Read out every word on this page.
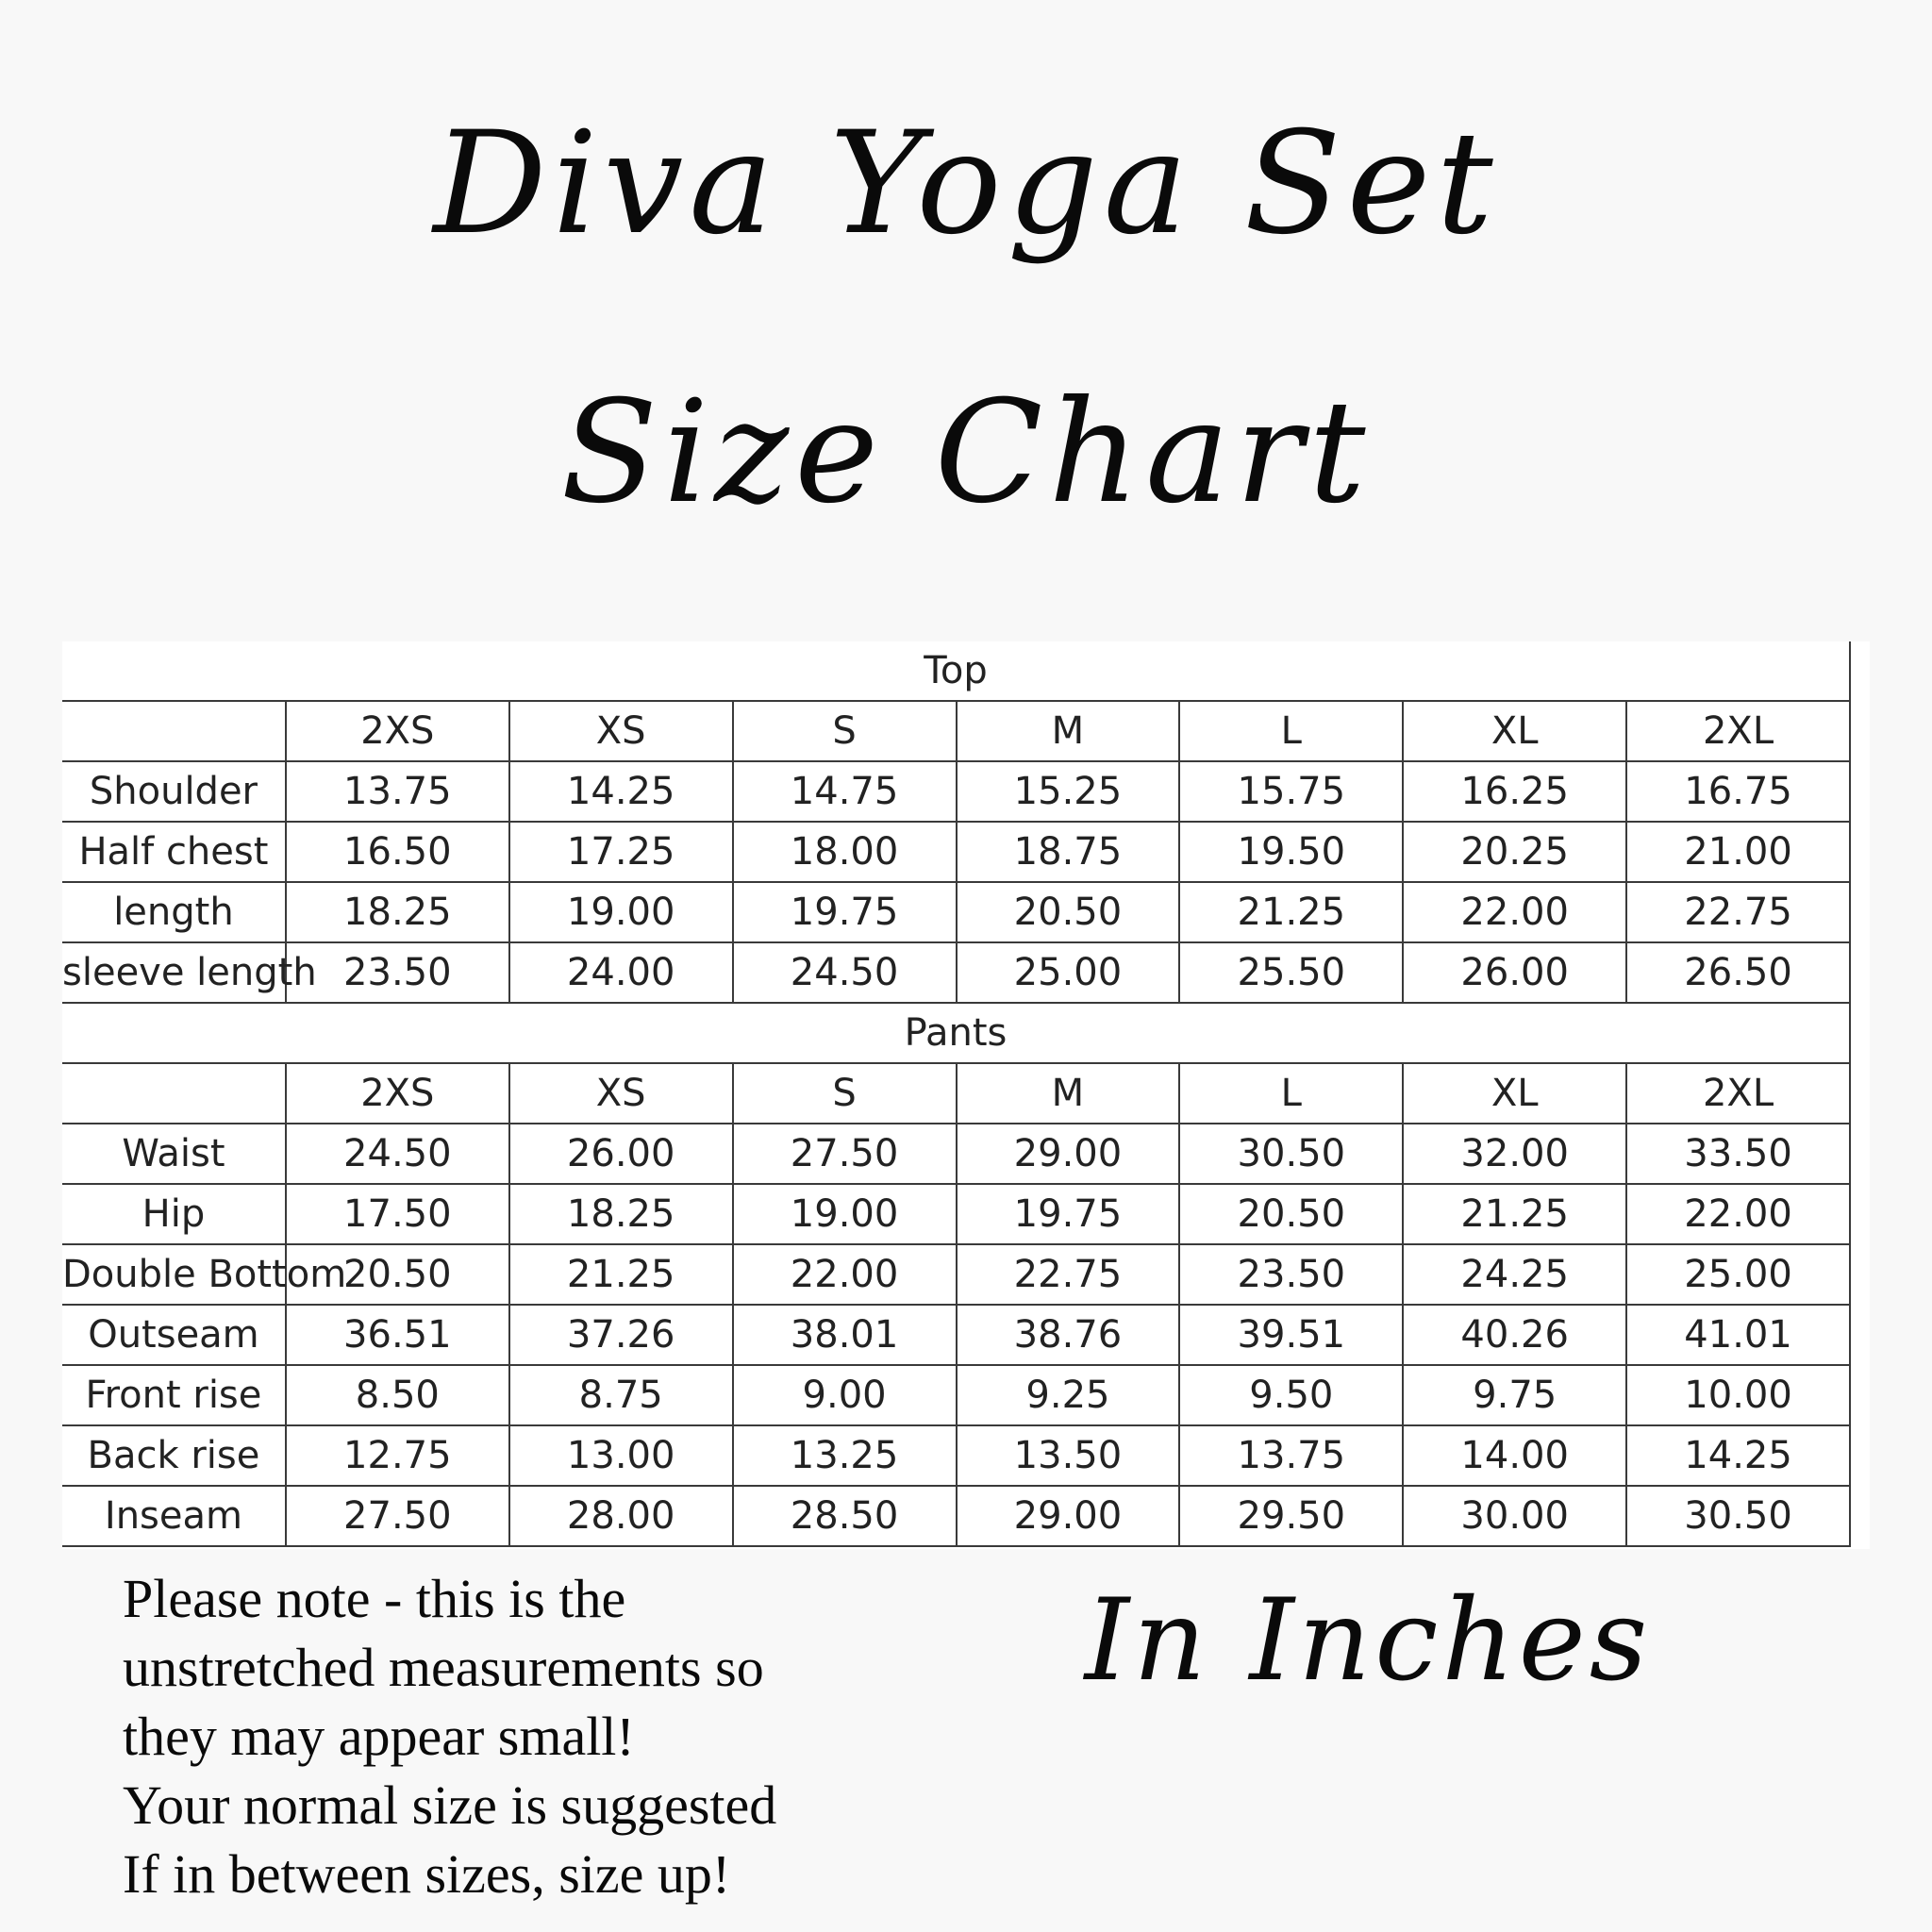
Diva Yoga Set
Size Chart
Top							
	2XS	XS	S	M	L	XL	2XL
Shoulder	13.75	14.25	14.75	15.25	15.75	16.25	16.75
Half chest	16.50	17.25	18.00	18.75	19.50	20.25	21.00
length	18.25	19.00	19.75	20.50	21.25	22.00	22.75
sleeve length	23.50	24.00	24.50	25.00	25.50	26.00	26.50
Pants							
	2XS	XS	S	M	L	XL	2XL
Waist	24.50	26.00	27.50	29.00	30.50	32.00	33.50
Hip	17.50	18.25	19.00	19.75	20.50	21.25	22.00
Double Bottom	20.50	21.25	22.00	22.75	23.50	24.25	25.00
Outseam	36.51	37.26	38.01	38.76	39.51	40.26	41.01
Front rise	8.50	8.75	9.00	9.25	9.50	9.75	10.00
Back rise	12.75	13.00	13.25	13.50	13.75	14.00	14.25
Inseam	27.50	28.00	28.50	29.00	29.50	30.00	30.50
Please note - this is the
unstretched measurements so
they may appear small!
Your normal size is suggested
If in between sizes, size up!
In Inches
